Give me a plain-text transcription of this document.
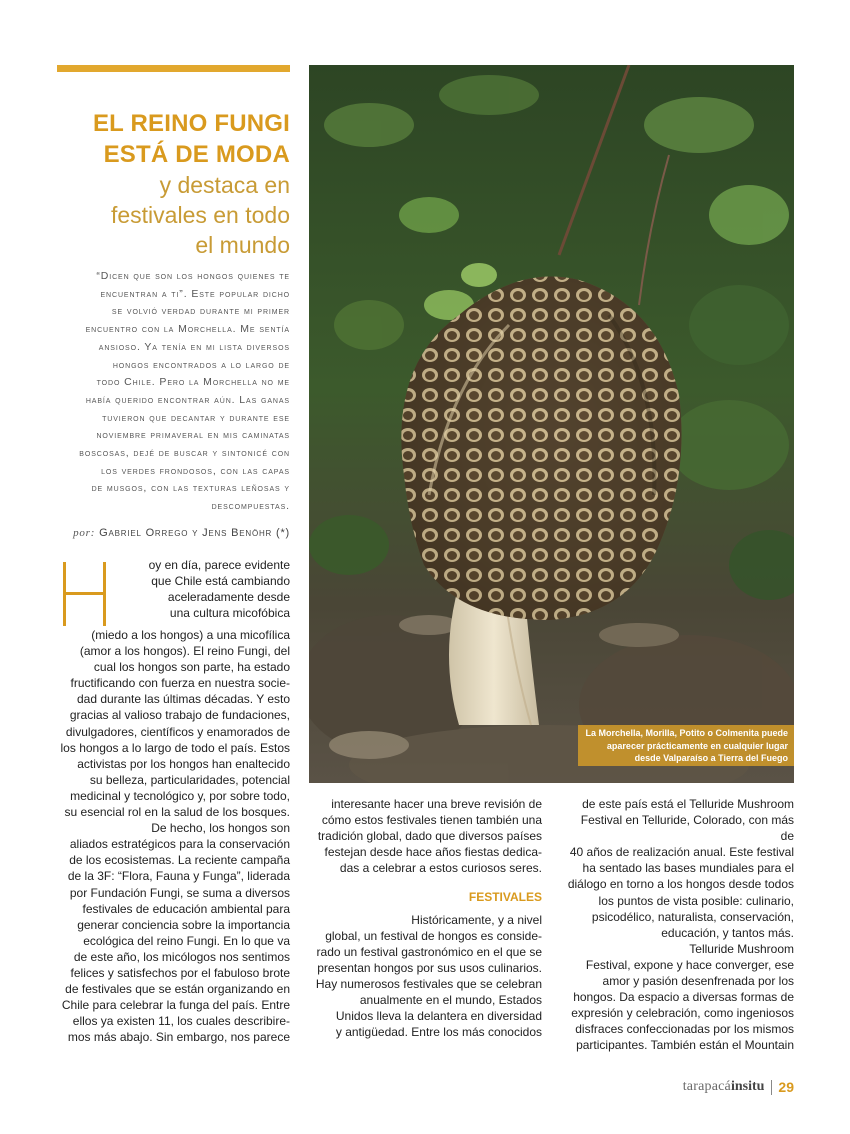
EL REINO FUNGI
ESTÁ DE MODA
y destaca en
festivales en todo
el mundo
“Dicen que son los hongos quienes te
encuentran a ti”. Este popular dicho
se volvió verdad durante mi primer
encuentro con la Morchella. Me sentía
ansioso. Ya tenía en mi lista diversos
hongos encontrados a lo largo de
todo Chile. Pero la Morchella no me
había querido encontrar aún. Las ganas
tuvieron que decantar y durante ese
noviembre primaveral en mis caminatas
boscosas, dejé de buscar y sintonicé con
los verdes frondosos, con las capas
de musgos, con las texturas leñosas y
descompuestas.
por: Gabriel Orrego y Jens Benöhr (*)
oy en día, parece evidente
que Chile está cambiando
aceleradamente desde
una cultura micofóbica
(miedo a los hongos) a una micofílica
(amor a los hongos). El reino Fungi, del
cual los hongos son parte, ha estado
fructificando con fuerza en nuestra socie-
dad durante las últimas décadas. Y esto
gracias al valioso trabajo de fundaciones,
divulgadores, científicos y enamorados de
los hongos a lo largo de todo el país. Estos
activistas por los hongos han enaltecido
su belleza, particularidades, potencial
medicinal y tecnológico y, por sobre todo,
su esencial rol en la salud de los bosques.
De hecho, los hongos son
aliados estratégicos para la conservación
de los ecosistemas. La reciente campaña
de la 3F: “Flora, Fauna y Funga”, liderada
por Fundación Fungi, se suma a diversos
festivales de educación ambiental para
generar conciencia sobre la importancia
ecológica del reino Fungi. En lo que va
de este año, los micólogos nos sentimos
felices y satisfechos por el fabuloso brote
de festivales que se están organizando en
Chile para celebrar la funga del país. Entre
ellos ya existen 11, los cuales describire-
mos más abajo. Sin embargo, nos parece
interesante hacer una breve revisión de
cómo estos festivales tienen también una
tradición global, dado que diversos países
festejan desde hace años fiestas dedica-
das a celebrar a estos curiosos seres.

FESTIVALES

Históricamente, y a nivel
global, un festival de hongos es conside-
rado un festival gastronómico en el que se
presentan hongos por sus usos culinarios.
Hay numerosos festivales que se celebran
anualmente en el mundo, Estados
Unidos lleva la delantera en diversidad
y antigüedad. Entre los más conocidos
de este país está el Telluride Mushroom
Festival en Telluride, Colorado, con más de
40 años de realización anual. Este festival
ha sentado las bases mundiales para el
diálogo en torno a los hongos desde todos
los puntos de vista posible: culinario,
psicodélico, naturalista, conservación,
educación, y tantos más.
Telluride Mushroom
Festival, expone y hace converger, ese
amor y pasión desenfrenada por los
hongos. Da espacio a diversas formas de
expresión y celebración, como ingeniosos
disfraces confeccionadas por los mismos
participantes. También están el Mountain
La Morchella, Morilla, Potito o Colmenita puede aparecer prácticamente en cualquier lugar desde Valparaíso a Tierra del Fuego
tarapacáinsitu 29
